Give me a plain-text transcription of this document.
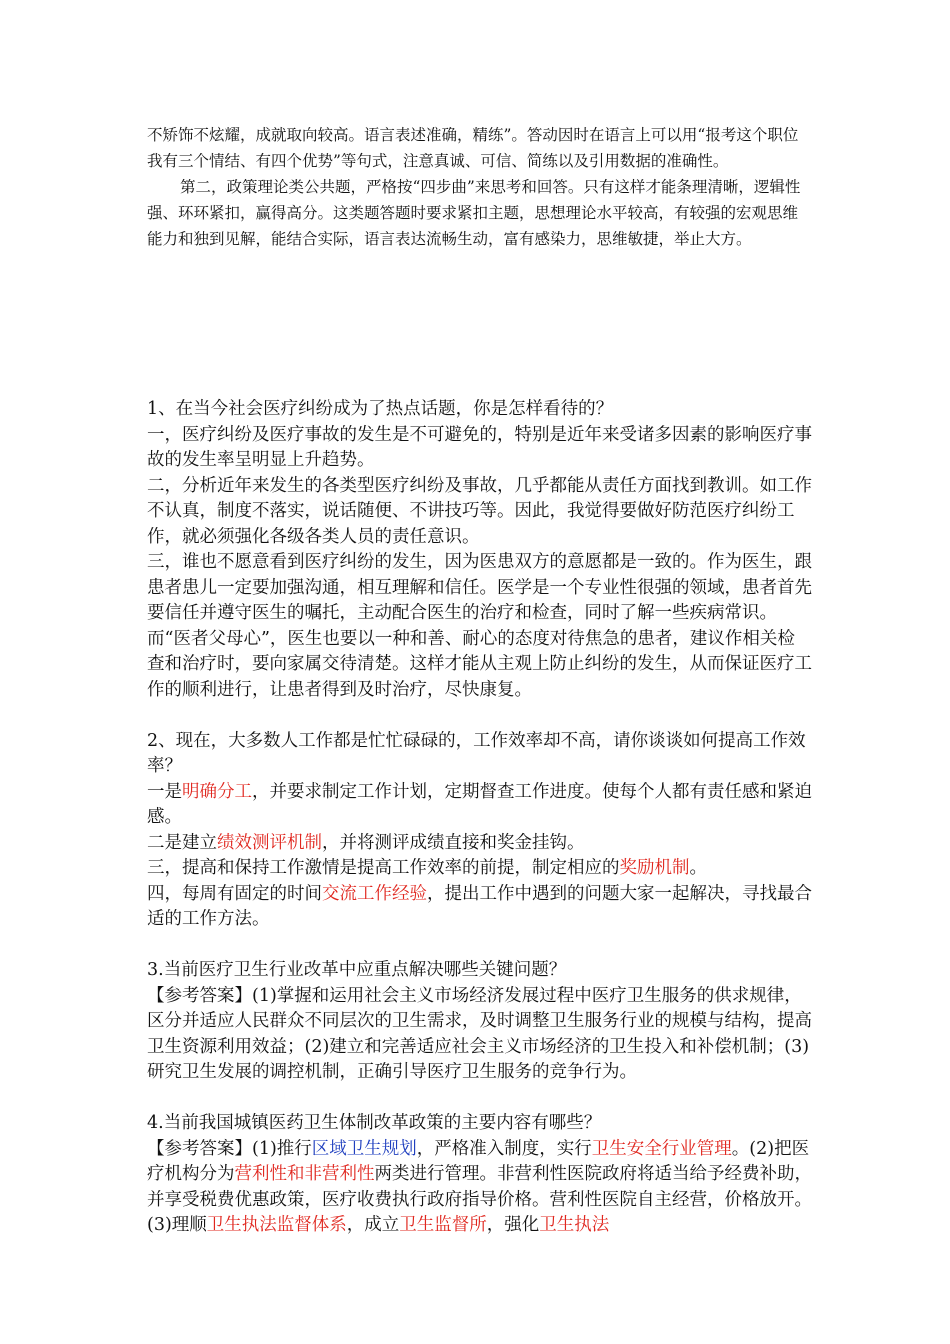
不矫饰不炫耀，成就取向较高。语言表述准确，精练”。答动因时在语言上可以用“报考这个职位我有三个情结、有四个优势”等句式，注意真诚、可信、简练以及引用数据的准确性。

第二，政策理论类公共题，严格按“四步曲”来思考和回答。只有这样才能条理清晰，逻辑性强、环环紧扣，赢得高分。这类题答题时要求紧扣主题，思想理论水平较高，有较强的宏观思维能力和独到见解，能结合实际，语言表达流畅生动，富有感染力，思维敏捷，举止大方。

1、在当今社会医疗纠纷成为了热点话题，你是怎样看待的？

一，医疗纠纷及医疗事故的发生是不可避免的，特别是近年来受诸多因素的影响医疗事故的发生率呈明显上升趋势。

二，分析近年来发生的各类型医疗纠纷及事故，几乎都能从责任方面找到教训。如工作不认真，制度不落实，说话随便、不讲技巧等。因此，我觉得要做好防范医疗纠纷工作，就必须强化各级各类人员的责任意识。

三，谁也不愿意看到医疗纠纷的发生，因为医患双方的意愿都是一致的。作为医生，跟患者患儿一定要加强沟通，相互理解和信任。医学是一个专业性很强的领域，患者首先要信任并遵守医生的嘱托，主动配合医生的治疗和检查，同时了解一些疾病常识。而“医者父母心”，医生也要以一种和善、耐心的态度对待焦急的患者，建议作相关检查和治疗时，要向家属交待清楚。这样才能从主观上防止纠纷的发生，从而保证医疗工作的顺利进行，让患者得到及时治疗，尽快康复。

2、现在，大多数人工作都是忙忙碌碌的，工作效率却不高，请你谈谈如何提高工作效率？

一是明确分工，并要求制定工作计划，定期督查工作进度。使每个人都有责任感和紧迫感。

二是建立绩效测评机制，并将测评成绩直接和奖金挂钩。

三，提高和保持工作激情是提高工作效率的前提，制定相应的奖励机制。

四，每周有固定的时间交流工作经验，提出工作中遇到的问题大家一起解决，寻找最合适的工作方法。

3.当前医疗卫生行业改革中应重点解决哪些关键问题？

【参考答案】(1)掌握和运用社会主义市场经济发展过程中医疗卫生服务的供求规律，区分并适应人民群众不同层次的卫生需求，及时调整卫生服务行业的规模与结构，提高卫生资源利用效益；(2)建立和完善适应社会主义市场经济的卫生投入和补偿机制；(3)研究卫生发展的调控机制，正确引导医疗卫生服务的竞争行为。

4.当前我国城镇医药卫生体制改革政策的主要内容有哪些？

【参考答案】(1)推行区域卫生规划，严格准入制度，实行卫生安全行业管理。(2)把医疗机构分为营利性和非营利性两类进行管理。非营利性医院政府将适当给予经费补助，并享受税费优惠政策，医疗收费执行政府指导价格。营利性医院自主经营，价格放开。(3)理顺卫生执法监督体系，成立卫生监督所，强化卫生执法
